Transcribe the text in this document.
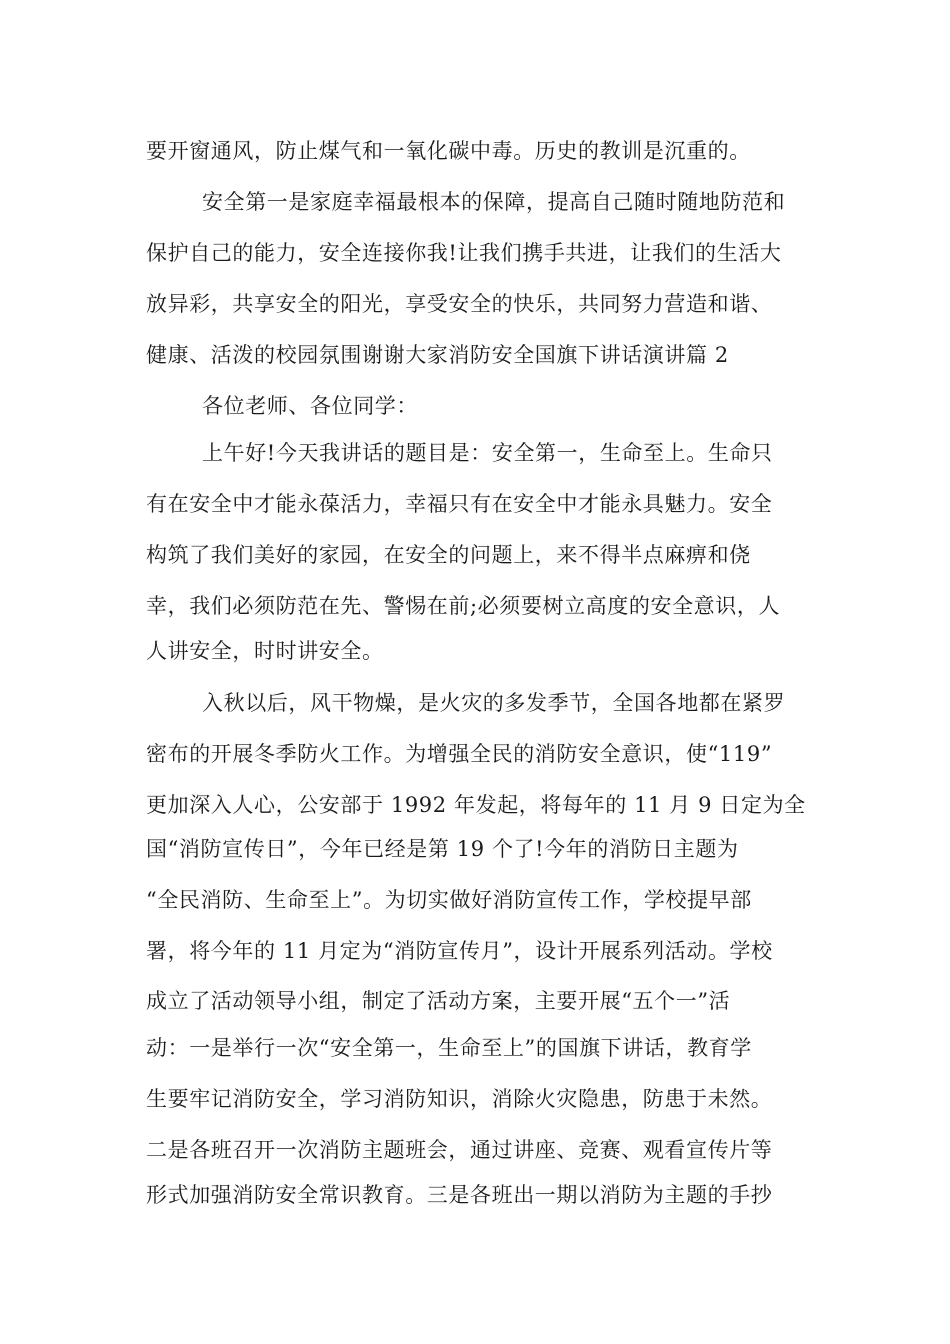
要开窗通风，防止煤气和一氧化碳中毒。历史的教训是沉重的。
安全第一是家庭幸福最根本的保障，提高自己随时随地防范和
保护自己的能力，安全连接你我!让我们携手共进，让我们的生活大
放异彩，共享安全的阳光，享受安全的快乐，共同努力营造和谐、
健康、活泼的校园氛围谢谢大家消防安全国旗下讲话演讲篇 2
各位老师、各位同学：
上午好!今天我讲话的题目是：安全第一，生命至上。生命只
有在安全中才能永葆活力，幸福只有在安全中才能永具魅力。安全
构筑了我们美好的家园，在安全的问题上，来不得半点麻痹和侥
幸，我们必须防范在先、警惕在前;必须要树立高度的安全意识，人
人讲安全，时时讲安全。
入秋以后，风干物燥，是火灾的多发季节，全国各地都在紧罗
密布的开展冬季防火工作。为增强全民的消防安全意识，使“119”
更加深入人心，公安部于 1992 年发起，将每年的 11 月 9 日定为全
国“消防宣传日”，今年已经是第 19 个了!今年的消防日主题为
“全民消防、生命至上”。为切实做好消防宣传工作，学校提早部
署，将今年的 11 月定为“消防宣传月”，设计开展系列活动。学校
成立了活动领导小组，制定了活动方案，主要开展“五个一”活
动：一是举行一次“安全第一，生命至上”的国旗下讲话，教育学
生要牢记消防安全，学习消防知识，消除火灾隐患，防患于未然。
二是各班召开一次消防主题班会，通过讲座、竞赛、观看宣传片等
形式加强消防安全常识教育。三是各班出一期以消防为主题的手抄
